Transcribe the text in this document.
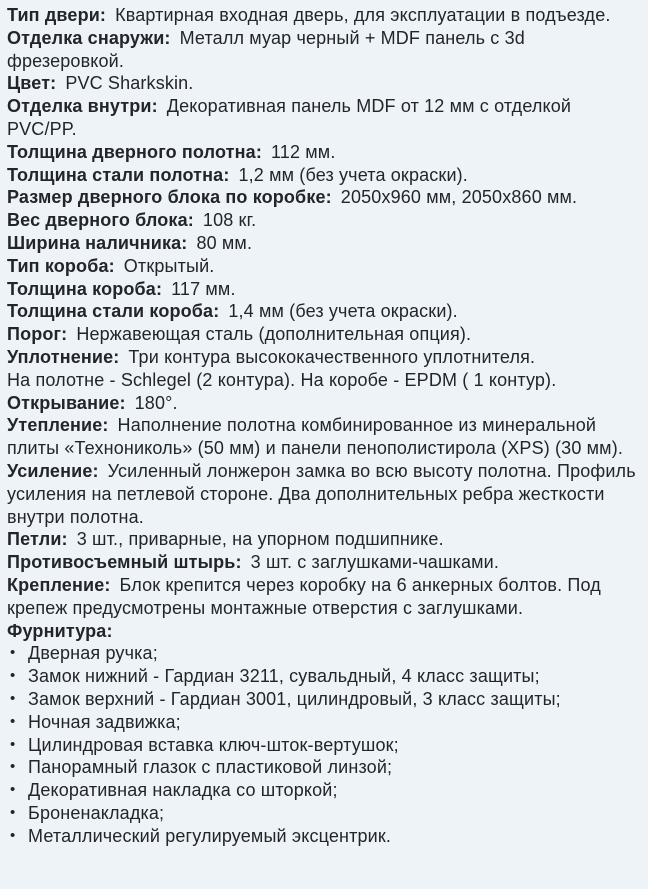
Тип двери: Квартирная входная дверь, для эксплуатации в подъезде.

Отделка снаружи: Металл муар черный + MDF панель с 3d фрезеровкой.

Цвет: PVC Sharkskin.

Отделка внутри: Декоративная панель MDF от 12 мм с отделкой PVC/PP.

Толщина дверного полотна: 112 мм.

Толщина стали полотна: 1,2 мм (без учета окраски).

Размер дверного блока по коробке: 2050х960 мм, 2050х860 мм.

Вес дверного блока: 108 кг.

Ширина наличника: 80 мм.

Тип короба: Открытый.

Толщина короба: 117 мм.

Толщина стали короба: 1,4 мм (без учета окраски).

Порог: Нержавеющая сталь (дополнительная опция).

Уплотнение: Три контура высококачественного уплотнителя.
На полотне - Schlegel (2 контура). На коробе - EPDM ( 1 контур).

Открывание: 180°.

Утепление: Наполнение полотна комбинированное из минеральной плиты «Технониколь» (50 мм) и панели пенополистирола (XPS) (30 мм).

Усиление: Усиленный лонжерон замка во всю высоту полотна. Профиль усиления на петлевой стороне. Два дополнительных ребра жесткости внутри полотна.

Петли: 3 шт., приварные, на упорном подшипнике.

Противосъемный штырь: 3 шт. с заглушками-чашками.

Крепление: Блок крепится через коробку на 6 анкерных болтов. Под крепеж предусмотрены монтажные отверстия с заглушками.

Фурнитура:

• Дверная ручка;
• Замок нижний - Гардиан 3211, сувальдный, 4 класс защиты;
• Замок верхний - Гардиан 3001, цилиндровый, 3 класс защиты;
• Ночная задвижка;
• Цилиндровая вставка ключ-шток-вертушок;
• Панорамный глазок с пластиковой линзой;
• Декоративная накладка со шторкой;
• Броненакладка;
• Металлический регулируемый эксцентрик.
